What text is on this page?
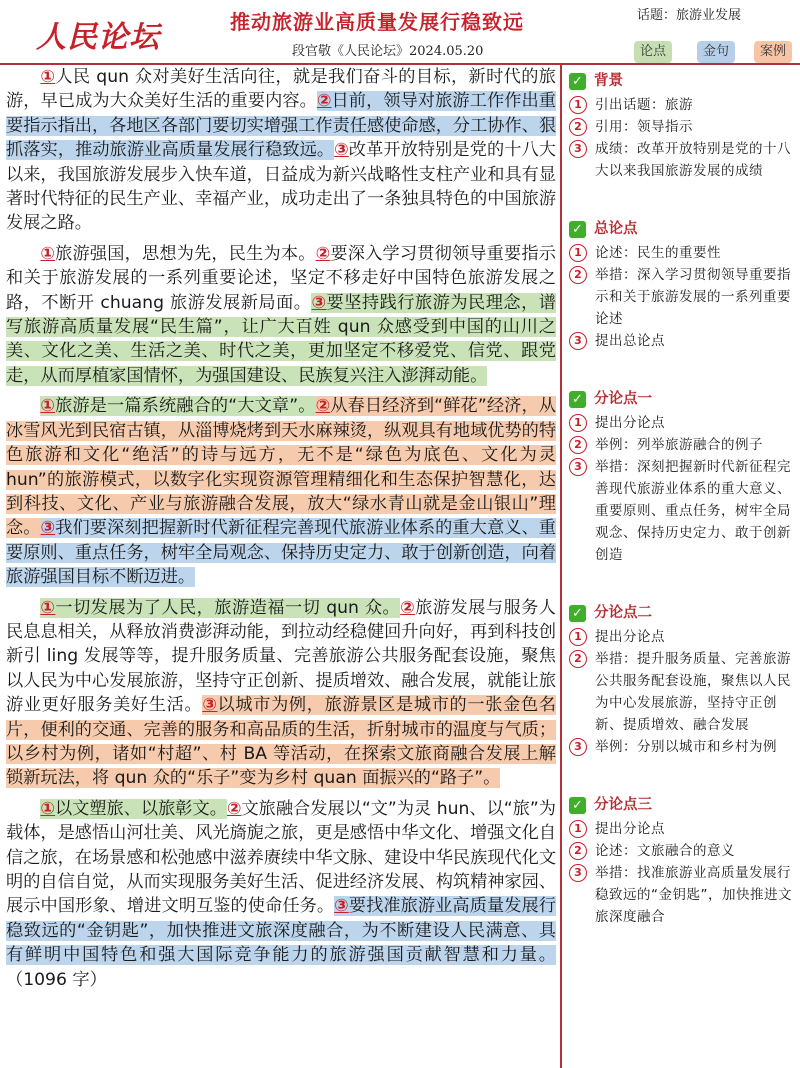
人民论坛	推动旅游业高质量发展行稳致远
段官敬《人民论坛》2024.05.20
话题：旅游业发展
论点	金句	案例

①人民 qun 众对美好生活向往，就是我们奋斗的目标，新时代的旅游，早已成为大众美好生活的重要内容。②日前，领导对旅游工作作出重要指示指出，各地区各部门要切实增强工作责任感使命感，分工协作、狠抓落实，推动旅游业高质量发展行稳致远。③改革开放特别是党的十八大以来，我国旅游发展步入快车道，日益成为新兴战略性支柱产业和具有显著时代特征的民生产业、幸福产业，成功走出了一条独具特色的中国旅游发展之路。

①旅游强国，思想为先，民生为本。②要深入学习贯彻领导重要指示和关于旅游发展的一系列重要论述，坚定不移走好中国特色旅游发展之路，不断开 chuang 旅游发展新局面。③要坚持践行旅游为民理念，谱写旅游高质量发展“民生篇”，让广大百姓 qun 众感受到中国的山川之美、文化之美、生活之美、时代之美，更加坚定不移爱党、信党、跟党走，从而厚植家国情怀，为强国建设、民族复兴注入澎湃动能。

①旅游是一篇系统融合的“大文章”。②从春日经济到“鲜花”经济，从冰雪风光到民宿古镇，从淄博烧烤到天水麻辣烫，纵观具有地域优势的特色旅游和文化“绝活”的诗与远方，无不是“绿色为底色、文化为灵 hun”的旅游模式，以数字化实现资源管理精细化和生态保护智慧化，达到科技、文化、产业与旅游融合发展，放大“绿水青山就是金山银山”理念。③我们要深刻把握新时代新征程完善现代旅游业体系的重大意义、重要原则、重点任务，树牢全局观念、保持历史定力、敢于创新创造，向着旅游强国目标不断迈进。

①一切发展为了人民，旅游造福一切 qun 众。②旅游发展与服务人民息息相关，从释放消费澎湃动能，到拉动经稳健回升向好，再到科技创新引 ling 发展等等，提升服务质量、完善旅游公共服务配套设施，聚焦以人民为中心发展旅游，坚持守正创新、提质增效、融合发展，就能让旅游业更好服务美好生活。③以城市为例，旅游景区是城市的一张金色名片，便利的交通、完善的服务和高品质的生活，折射城市的温度与气质；以乡村为例，诸如“村超”、村 BA 等活动，在探索文旅商融合发展上解锁新玩法，将 qun 众的“乐子”变为乡村 quan 面振兴的“路子”。

①以文塑旅、以旅彰文。②文旅融合发展以“文”为灵 hun、以“旅”为载体，是感悟山河壮美、风光旖旎之旅，更是感悟中华文化、增强文化自信之旅，在场景感和松弛感中滋养赓续中华文脉、建设中华民族现代化文明的自信自觉，从而实现服务美好生活、促进经济发展、构筑精神家园、展示中国形象、增进文明互鉴的使命任务。③要找准旅游业高质量发展行稳致远的“金钥匙”，加快推进文旅深度融合，为不断建设人民满意、具有鲜明中国特色和强大国际竞争能力的旅游强国贡献智慧和力量。（1096 字）

✓ 背景
1 引出话题：旅游
2 引用：领导指示
3 成绩：改革开放特别是党的十八大以来我国旅游发展的成绩
✓ 总论点
1 论述：民生的重要性
2 举措：深入学习贯彻领导重要指示和关于旅游发展的一系列重要论述
3 提出总论点
✓ 分论点一
1 提出分论点
2 举例：列举旅游融合的例子
3 举措：深刻把握新时代新征程完善现代旅游业体系的重大意义、重要原则、重点任务，树牢全局观念、保持历史定力、敢于创新创造
✓ 分论点二
1 提出分论点
2 举措：提升服务质量、完善旅游公共服务配套设施，聚焦以人民为中心发展旅游，坚持守正创新、提质增效、融合发展
3 举例：分别以城市和乡村为例
✓ 分论点三
1 提出分论点
2 论述：文旅融合的意义
3 举措：找准旅游业高质量发展行稳致远的“金钥匙”，加快推进文旅深度融合
